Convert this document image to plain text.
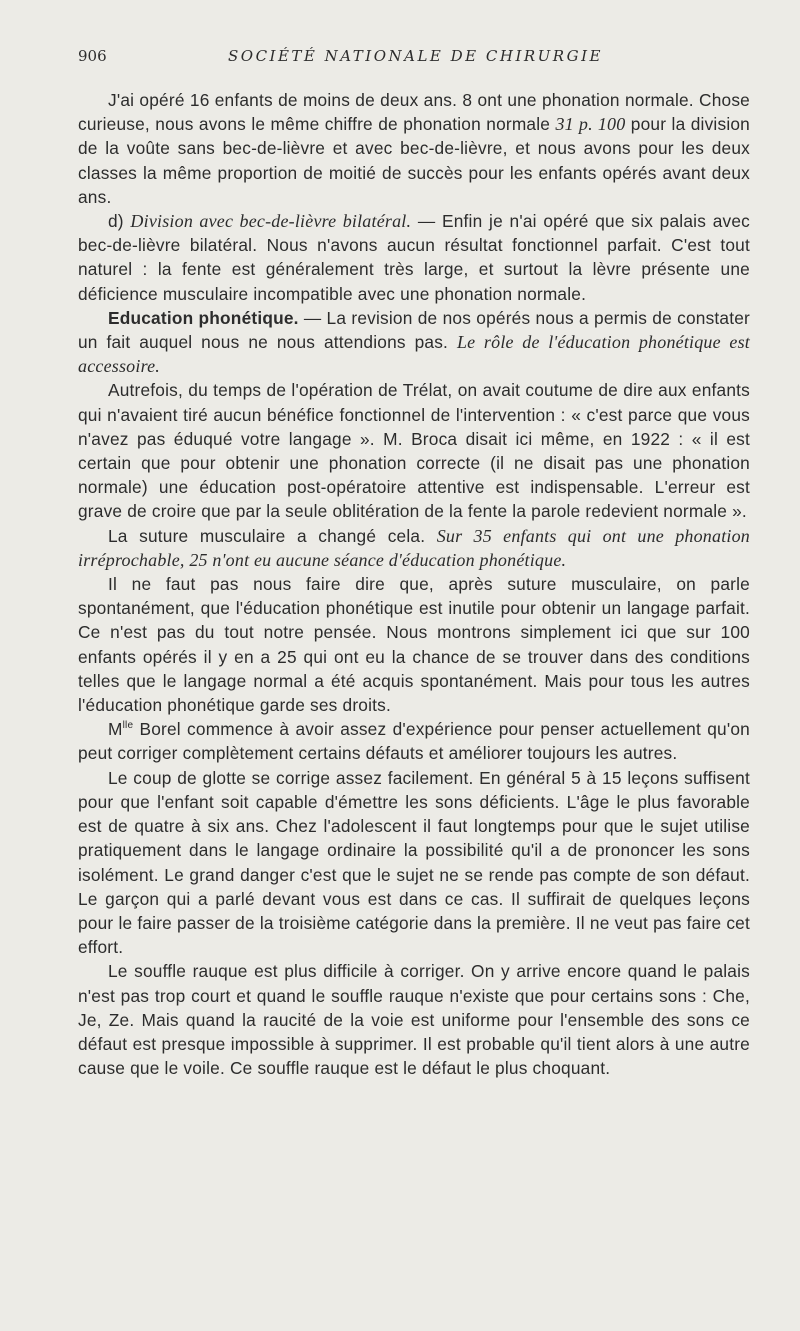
906	SOCIÉTÉ NATIONALE DE CHIRURGIE

J'ai opéré 16 enfants de moins de deux ans. 8 ont une phonation normale. Chose curieuse, nous avons le même chiffre de phonation normale 31 p. 100 pour la division de la voûte sans bec-de-lièvre et avec bec-de-lièvre, et nous avons pour les deux classes la même proportion de moitié de succès pour les enfants opérés avant deux ans.

d) Division avec bec-de-lièvre bilatéral. — Enfin je n'ai opéré que six palais avec bec-de-lièvre bilatéral. Nous n'avons aucun résultat fonctionnel parfait. C'est tout naturel : la fente est généralement très large, et surtout la lèvre présente une déficience musculaire incompatible avec une phonation normale.

Education phonétique. — La revision de nos opérés nous a permis de constater un fait auquel nous ne nous attendions pas. Le rôle de l'éducation phonétique est accessoire.

Autrefois, du temps de l'opération de Trélat, on avait coutume de dire aux enfants qui n'avaient tiré aucun bénéfice fonctionnel de l'intervention : « c'est parce que vous n'avez pas éduqué votre langage ». M. Broca disait ici même, en 1922 : « il est certain que pour obtenir une phonation correcte (il ne disait pas une phonation normale) une éducation post-opératoire attentive est indispensable. L'erreur est grave de croire que par la seule oblitération de la fente la parole redevient normale ».

La suture musculaire a changé cela. Sur 35 enfants qui ont une phonation irréprochable, 25 n'ont eu aucune séance d'éducation phonétique.

Il ne faut pas nous faire dire que, après suture musculaire, on parle spontanément, que l'éducation phonétique est inutile pour obtenir un langage parfait. Ce n'est pas du tout notre pensée. Nous montrons simplement ici que sur 100 enfants opérés il y en a 25 qui ont eu la chance de se trouver dans des conditions telles que le langage normal a été acquis spontanément. Mais pour tous les autres l'éducation phonétique garde ses droits.

$M^{lle}$ Borel commence à avoir assez d'expérience pour penser actuellement qu'on peut corriger complètement certains défauts et améliorer toujours les autres.

Le coup de glotte se corrige assez facilement. En général 5 à 15 leçons suffisent pour que l'enfant soit capable d'émettre les sons déficients. L'âge le plus favorable est de quatre à six ans. Chez l'adolescent il faut longtemps pour que le sujet utilise pratiquement dans le langage ordinaire la possibilité qu'il a de prononcer les sons isolément. Le grand danger c'est que le sujet ne se rende pas compte de son défaut. Le garçon qui a parlé devant vous est dans ce cas. Il suffirait de quelques leçons pour le faire passer de la troisième catégorie dans la première. Il ne veut pas faire cet effort.

Le souffle rauque est plus difficile à corriger. On y arrive encore quand le palais n'est pas trop court et quand le souffle rauque n'existe que pour certains sons : Che, Je, Ze. Mais quand la raucité de la voie est uniforme pour l'ensemble des sons ce défaut est presque impossible à supprimer. Il est probable qu'il tient alors à une autre cause que le voile. Ce souffle rauque est le défaut le plus choquant.
